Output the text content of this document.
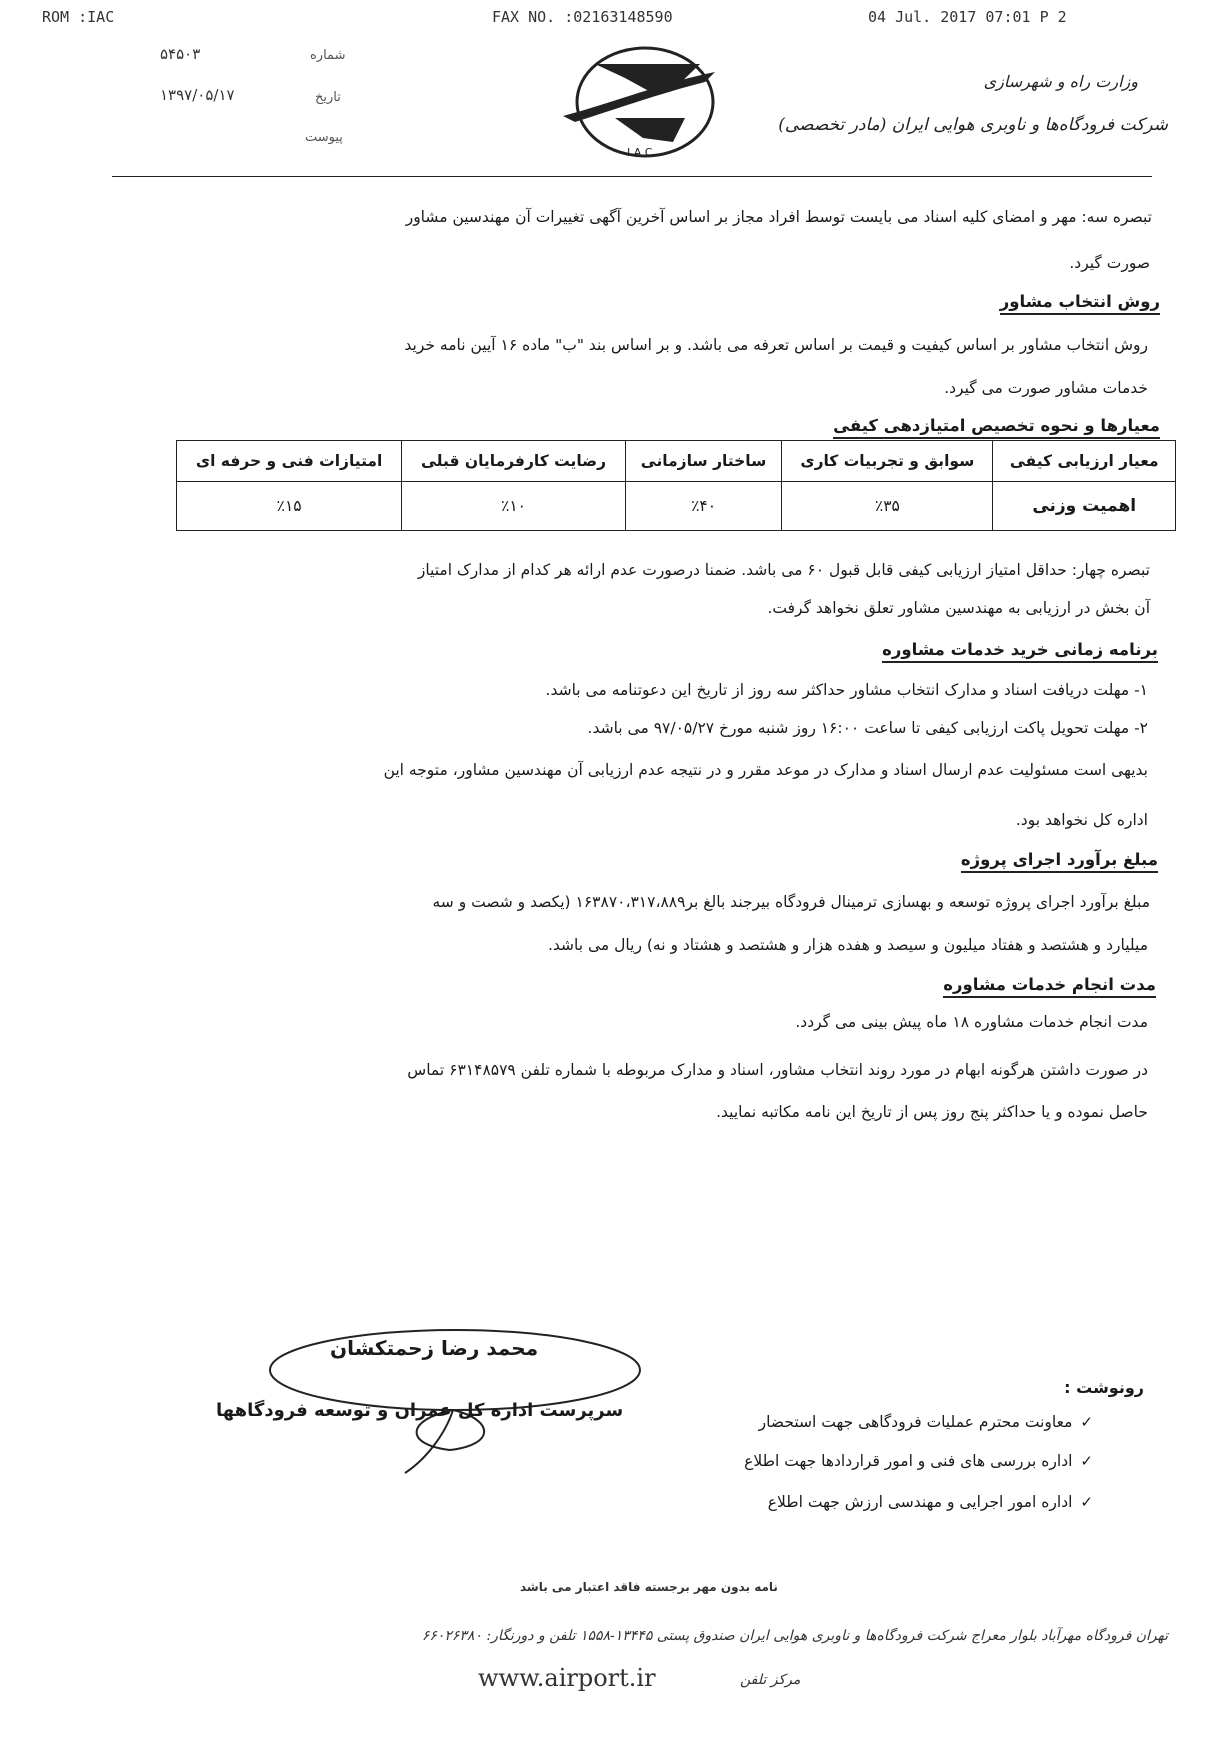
ROM :IAC	FAX NO. :02163148590	04 Jul. 2017 07:01 P 2
شماره
۵۴۵۰۳
تاریخ
۱۳۹۷/۰۵/۱۷
پیوست
I A C
وزارت راه و شهرسازی
شرکت فرودگاه‌ها و ناوبری هوایی ایران (مادر تخصصی)
تبصره سه: مهر و امضای کلیه اسناد می بایست توسط افراد مجاز بر اساس آخرین آگهی تغییرات آن مهندسین مشاور
صورت گیرد.
روش انتخاب مشاور
روش انتخاب مشاور بر اساس کیفیت و قیمت بر اساس تعرفه می باشد. و بر اساس بند "ب" ماده ۱۶ آیین نامه خرید
خدمات مشاور صورت می گیرد.
معیارها و نحوه تخصیص امتیازدهی کیفی
معیار ارزیابی کیفی	سوابق و تجربیات کاری	ساختار سازمانی	رضایت کارفرمایان قبلی	امتیازات فنی و حرفه ای
اهمیت وزنی	٪۳۵	٪۴۰	٪۱۰	٪۱۵
تبصره چهار: حداقل امتیاز ارزیابی کیفی قابل قبول ۶۰ می باشد. ضمنا درصورت عدم ارائه هر کدام از مدارک امتیاز
آن بخش در ارزیابی به مهندسین مشاور تعلق نخواهد گرفت.
برنامه زمانی خرید خدمات مشاوره
۱- مهلت دریافت اسناد و مدارک انتخاب مشاور حداکثر سه روز از تاریخ این دعوتنامه می باشد.
۲- مهلت تحویل پاکت ارزیابی کیفی تا ساعت ۱۶:۰۰ روز شنبه مورخ ۹۷/۰۵/۲۷ می باشد.
بدیهی است مسئولیت عدم ارسال اسناد و مدارک در موعد مقرر و در نتیجه عدم ارزیابی آن مهندسین مشاور، متوجه این
اداره کل نخواهد بود.
مبلغ برآورد اجرای پروژه
مبلغ برآورد اجرای پروژه توسعه و بهسازی ترمینال فرودگاه بیرجند بالغ بر۱۶۳۸۷۰،۳۱۷،۸۸۹ (یکصد و شصت و سه
میلیارد و هشتصد و هفتاد میلیون و سیصد و هفده هزار و هشتصد و هشتاد و نه) ریال می باشد.
مدت انجام خدمات مشاوره
مدت انجام خدمات مشاوره ۱۸ ماه پیش بینی می گردد.
در صورت داشتن هرگونه ابهام در مورد روند انتخاب مشاور، اسناد و مدارک مربوطه با شماره تلفن ۶۳۱۴۸۵۷۹ تماس
حاصل نموده و یا حداکثر پنج روز پس از تاریخ این نامه مکاتبه نمایید.
محمد رضا زحمتکشان
سرپرست اداره کل عمران و توسعه فرودگاهها
رونوشت :
✓معاونت محترم عملیات فرودگاهی جهت استحضار
✓اداره بررسی های فنی و امور قراردادها جهت اطلاع
✓اداره امور اجرایی و مهندسی ارزش جهت اطلاع
نامه بدون مهر برجسته فاقد اعتبار می باشد
تهران فرودگاه مهرآباد بلوار معراج شرکت فرودگاه‌ها و ناوبری هوایی ایران صندوق پستی ۱۳۴۴۵-۱۵۵۸ تلفن و دورنگار: ۶۶۰۲۶۳۸۰
www.airport.ir	مرکز تلفن
